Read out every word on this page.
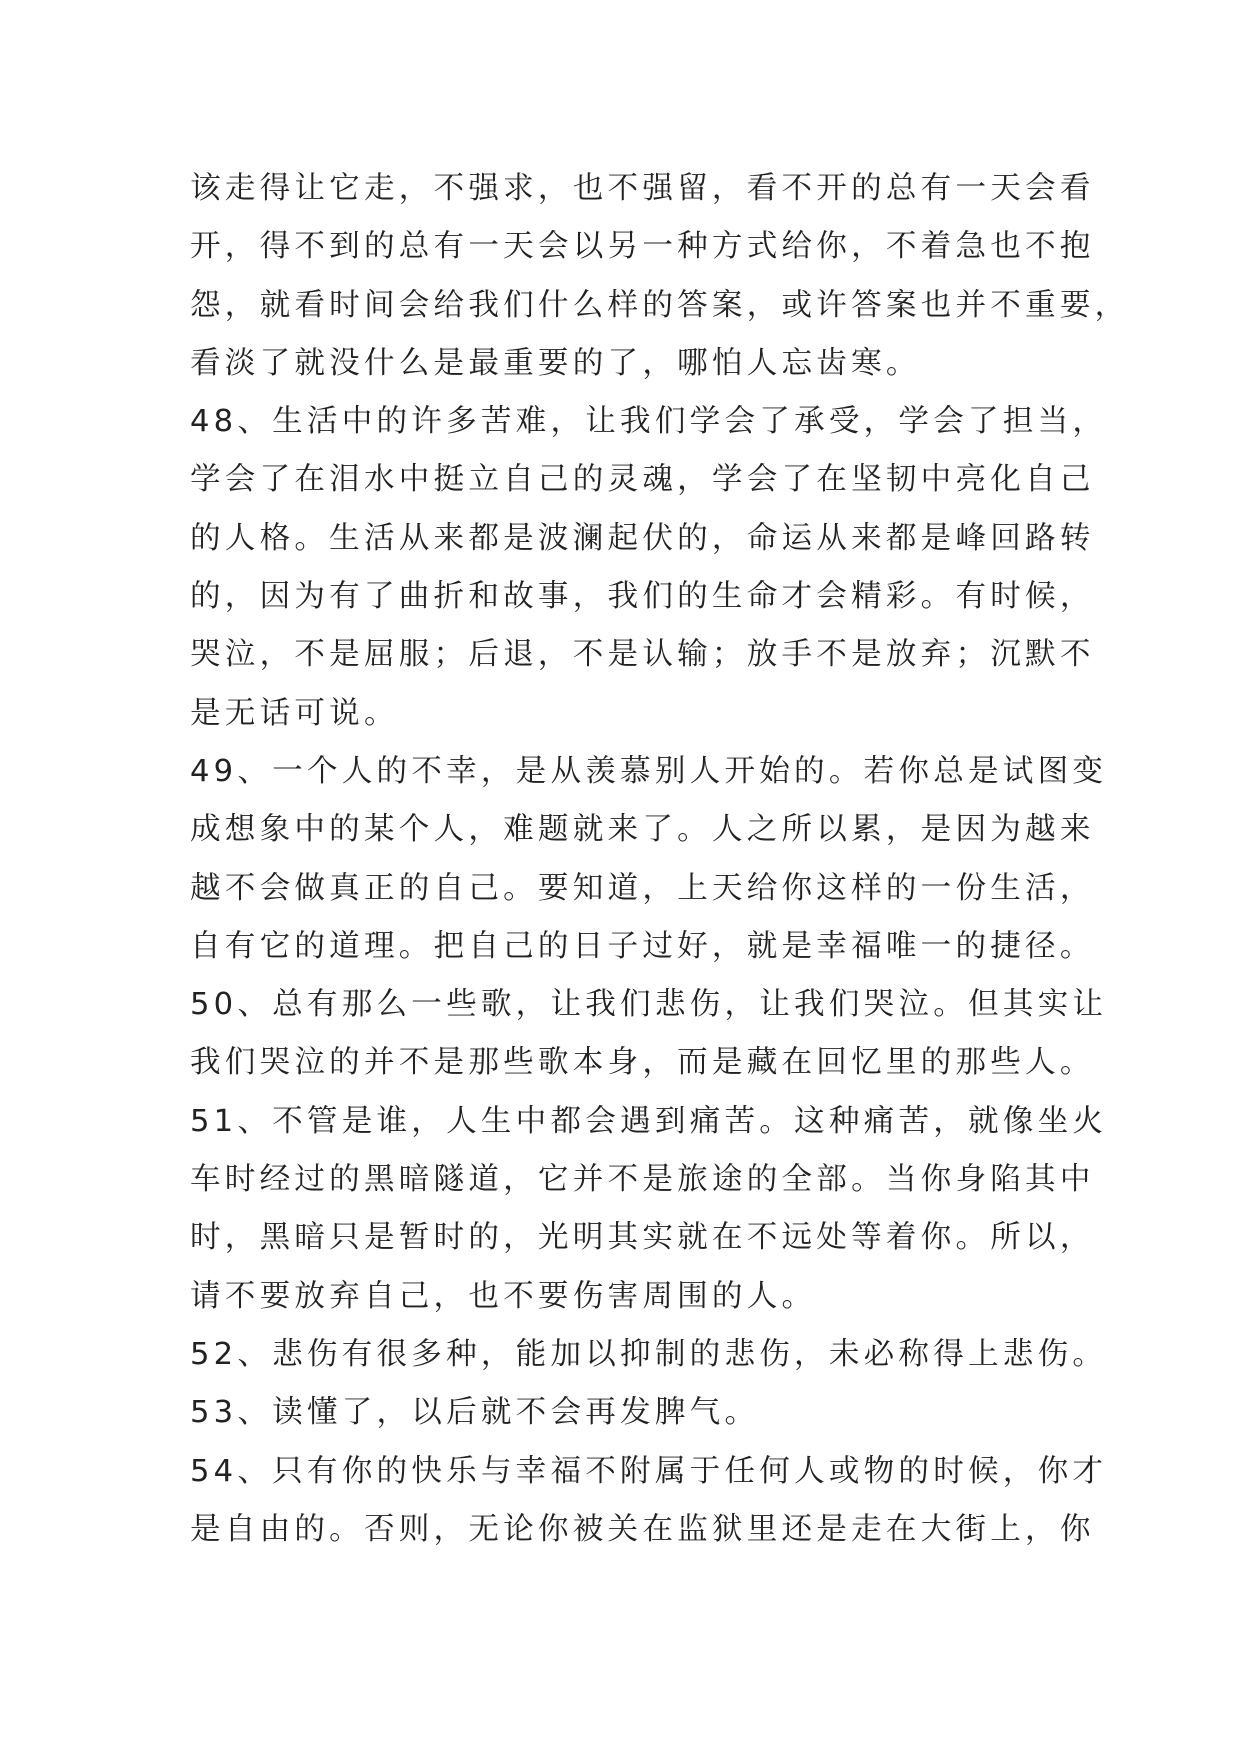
该走得让它走，不强求，也不强留，看不开的总有一天会看
开，得不到的总有一天会以另一种方式给你，不着急也不抱
怨，就看时间会给我们什么样的答案，或许答案也并不重要，
看淡了就没什么是最重要的了，哪怕人忘齿寒。
48、生活中的许多苦难，让我们学会了承受，学会了担当，
学会了在泪水中挺立自己的灵魂，学会了在坚韧中亮化自己
的人格。生活从来都是波澜起伏的，命运从来都是峰回路转
的，因为有了曲折和故事，我们的生命才会精彩。有时候，
哭泣，不是屈服；后退，不是认输；放手不是放弃；沉默不
是无话可说。
49、一个人的不幸，是从羡慕别人开始的。若你总是试图变
成想象中的某个人，难题就来了。人之所以累，是因为越来
越不会做真正的自己。要知道，上天给你这样的一份生活，
自有它的道理。把自己的日子过好，就是幸福唯一的捷径。
50、总有那么一些歌，让我们悲伤，让我们哭泣。但其实让
我们哭泣的并不是那些歌本身，而是藏在回忆里的那些人。
51、不管是谁，人生中都会遇到痛苦。这种痛苦，就像坐火
车时经过的黑暗隧道，它并不是旅途的全部。当你身陷其中
时，黑暗只是暂时的，光明其实就在不远处等着你。所以，
请不要放弃自己，也不要伤害周围的人。
52、悲伤有很多种，能加以抑制的悲伤，未必称得上悲伤。
53、读懂了，以后就不会再发脾气。
54、只有你的快乐与幸福不附属于任何人或物的时候，你才
是自由的。否则，无论你被关在监狱里还是走在大街上，你
